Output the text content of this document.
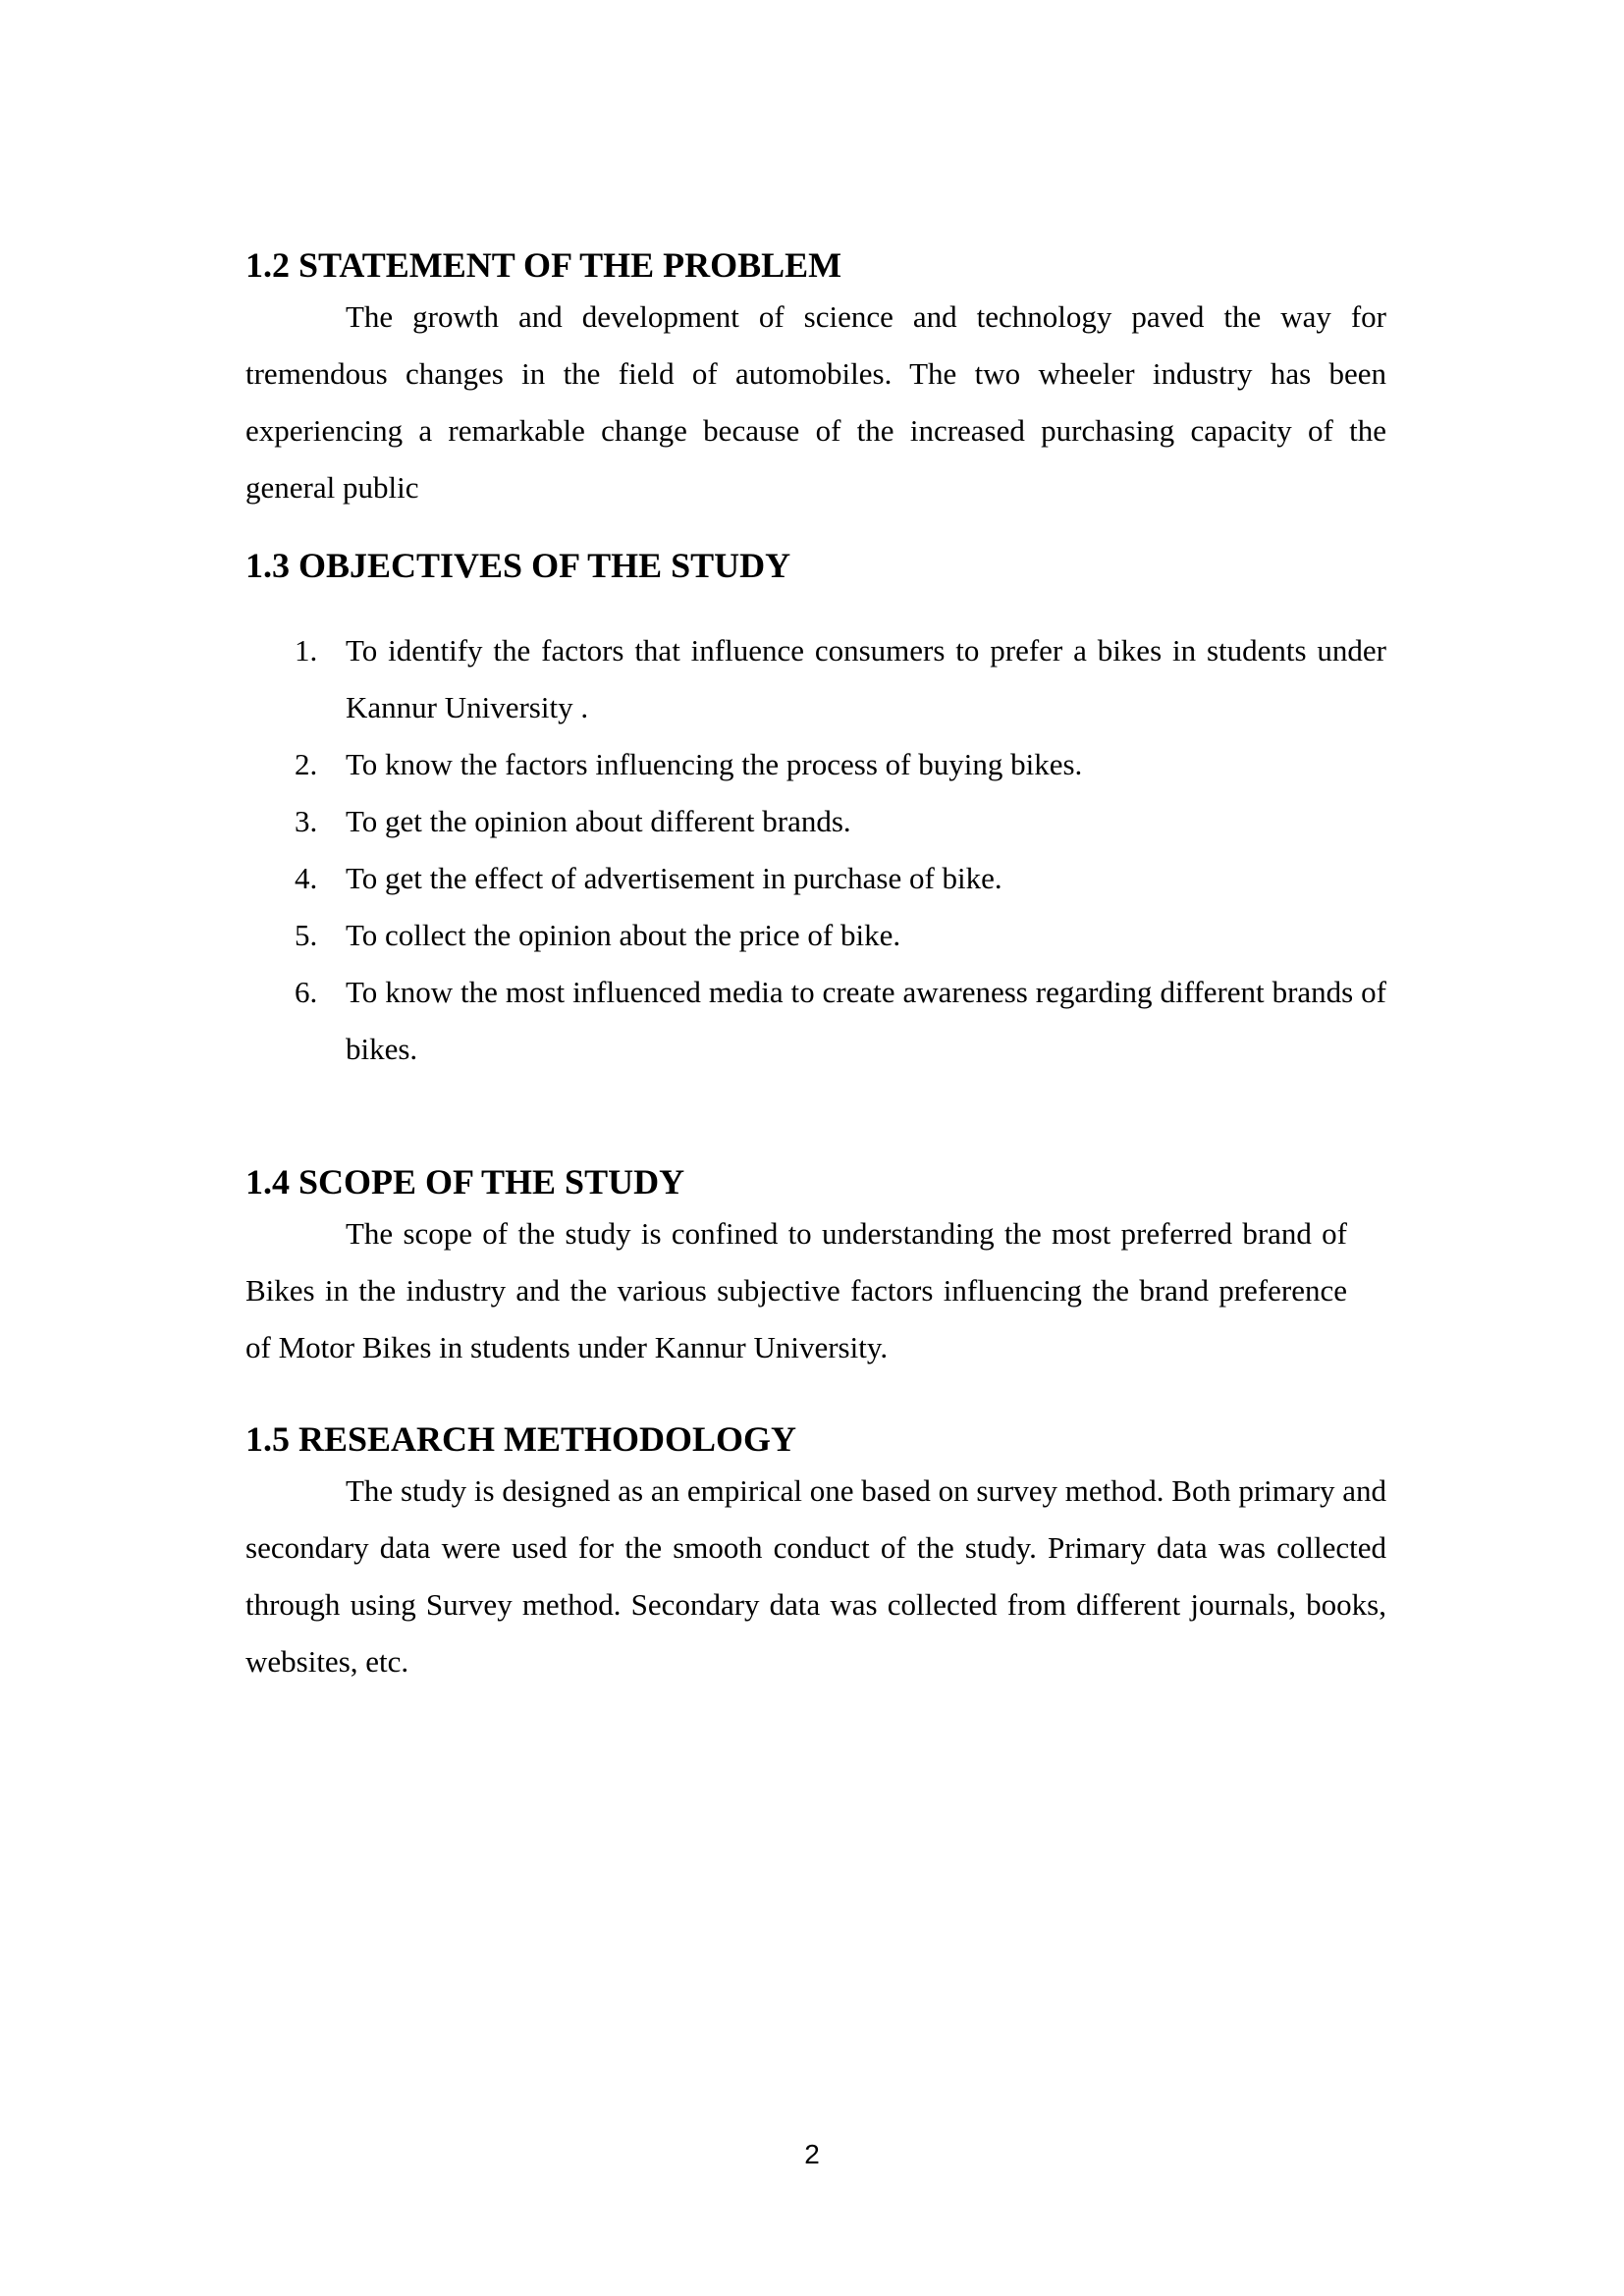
1.2 STATEMENT OF THE PROBLEM

The growth and development of science and technology paved the way for tremendous changes in the field of automobiles. The two wheeler industry has been experiencing a remarkable change because of the increased purchasing capacity of the general public

1.3 OBJECTIVES OF THE STUDY
1. To identify the factors that influence consumers to prefer a bikes in students under Kannur University .
2. To know the factors influencing the process of buying bikes.
3. To get the opinion about different brands.
4. To get the effect of advertisement in purchase of bike.
5. To collect the opinion about the price of bike.
6. To know the most influenced media to create awareness regarding different brands of bikes.
1.4 SCOPE OF THE STUDY

The scope of the study is confined to understanding the most preferred brand of Bikes in the industry and the various subjective factors influencing the brand preference of Motor Bikes in students under Kannur University.

1.5 RESEARCH METHODOLOGY

The study is designed as an empirical one based on survey method. Both primary and secondary data were used for the smooth conduct of the study. Primary data was collected through using Survey method. Secondary data was collected from different journals, books, websites, etc.

2
